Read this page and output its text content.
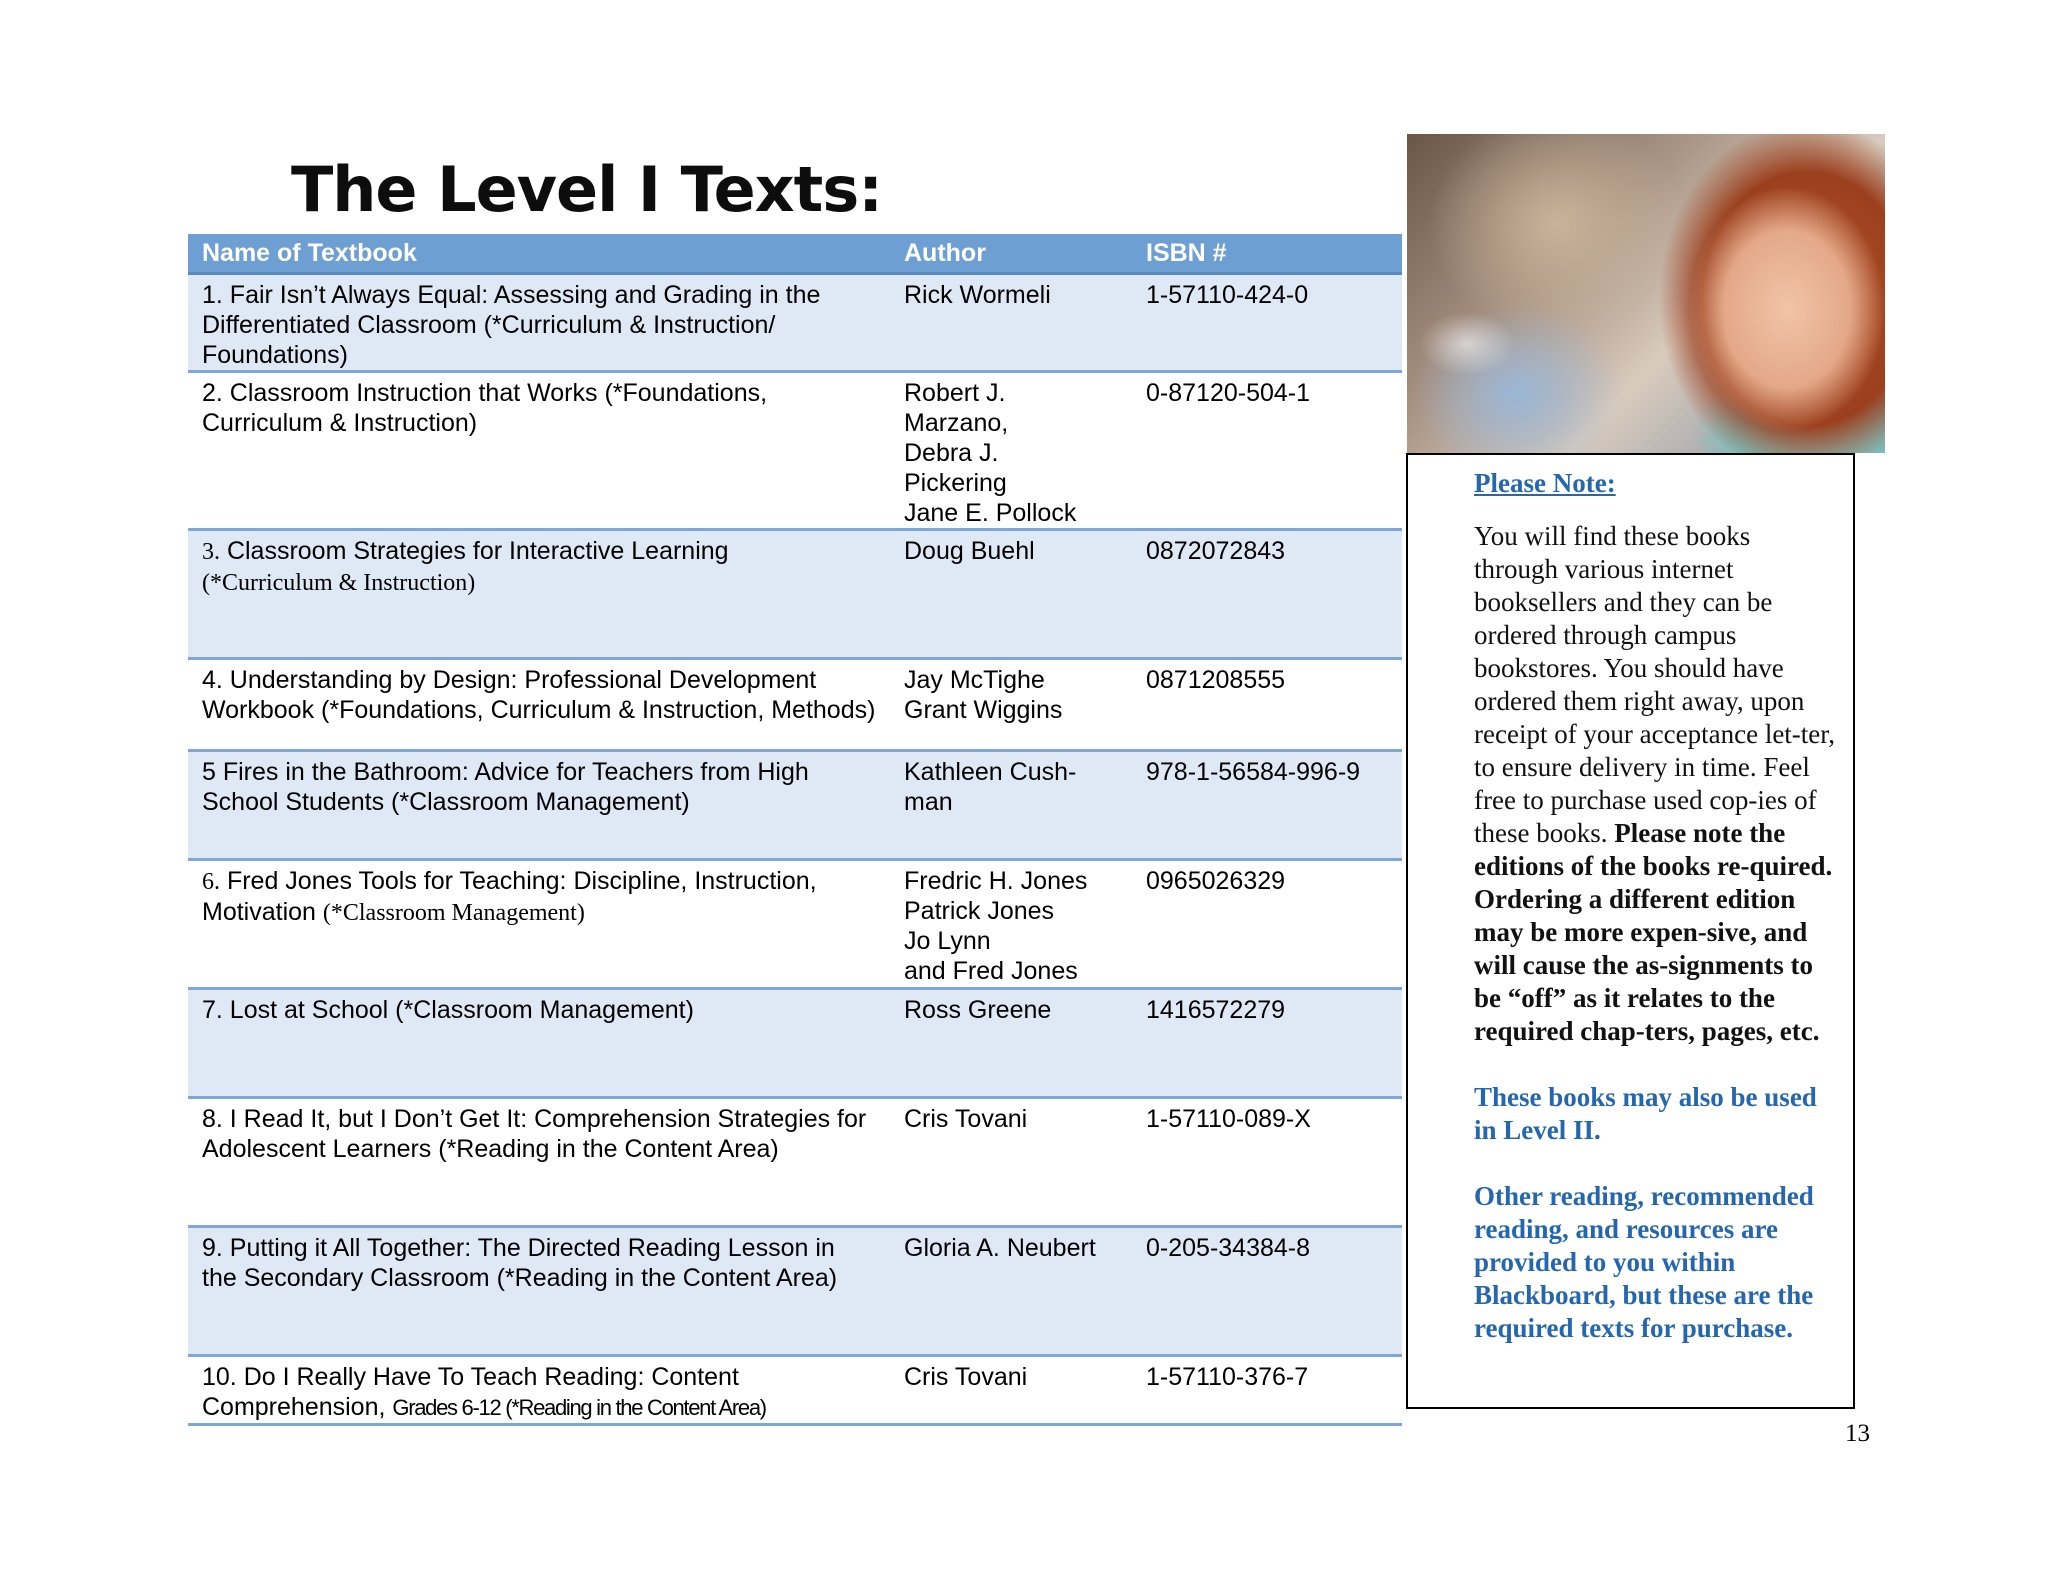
The Level I Texts:
Name of Textbook	Author	ISBN #
1. Fair Isn’t Always Equal: Assessing and Grading in the Differentiated Classroom (*Curriculum & Instruction/ Foundations)	Rick Wormeli	1-57110-424-0
2. Classroom Instruction that Works (*Foundations, Curriculum & Instruction)	Robert J.
Marzano,
Debra J.
Pickering
Jane E. Pollock	0-87120-504-1
3. Classroom Strategies for Interactive Learning
(*Curriculum & Instruction)	Doug Buehl	0872072843
4. Understanding by Design: Professional Development Workbook (*Foundations, Curriculum & Instruction, Methods)	Jay McTighe
Grant Wiggins	0871208555
5 Fires in the Bathroom: Advice for Teachers from High School Students (*Classroom Management)	Kathleen Cush-
man	978-1-56584-996-9
6. Fred Jones Tools for Teaching: Discipline, Instruction, Motivation (*Classroom Management)	Fredric H. Jones
Patrick Jones
Jo Lynn
and Fred Jones	0965026329
7. Lost at School (*Classroom Management)	Ross Greene	1416572279
8. I Read It, but I Don’t Get It: Comprehension Strategies for Adolescent Learners (*Reading in the Content Area)	Cris Tovani	1-57110-089-X
9. Putting it All Together: The Directed Reading Lesson in the Secondary Classroom (*Reading in the Content Area)	Gloria A. Neubert	0-205-34384-8
10. Do I Really Have To Teach Reading: Content Comprehension, Grades 6-12 (*Reading in the Content Area)	Cris Tovani	1-57110-376-7

Please Note:

You will find these books through various internet booksellers and they can be ordered through campus bookstores. You should have ordered them right away, upon receipt of your acceptance let-ter, to ensure delivery in time. Feel free to purchase used cop-ies of these books. Please note the editions of the books re-quired. Ordering a different edition may be more expen-sive, and will cause the as-signments to be “off” as it relates to the required chap-ters, pages, etc.

These books may also be used in Level II.

Other reading, recommended reading, and resources are provided to you within Blackboard, but these are the required texts for purchase.

13
